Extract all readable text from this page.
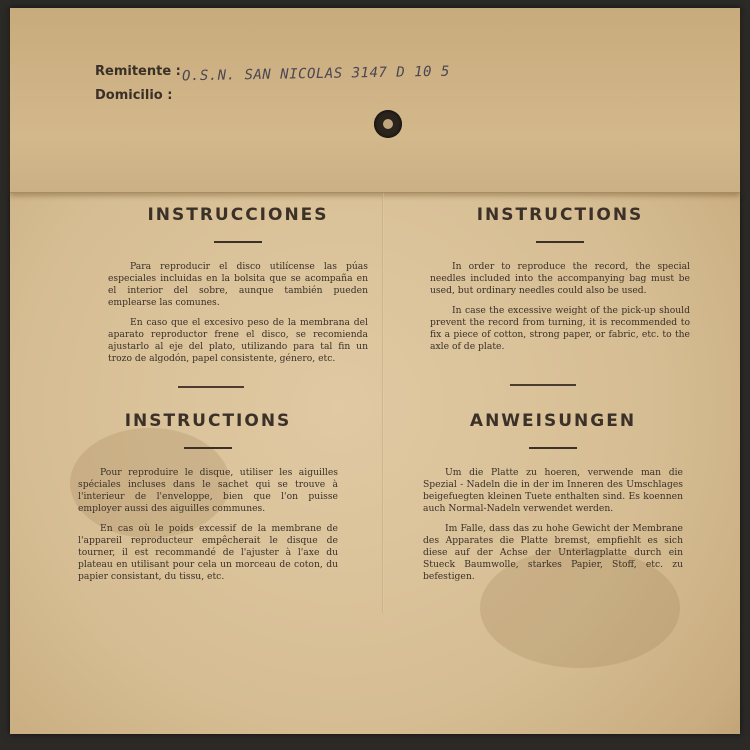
Remitente :
Domicilio :
O.S.N. SAN NICOLAS 3147 D 10 5
INSTRUCCIONES

Para reproducir el disco utilícense las púas especiales incluidas en la bolsita que se acompaña en el interior del sobre, aunque también pueden emplearse las comunes.

En caso que el excesivo peso de la membrana del aparato reproductor frene el disco, se recomienda ajustarlo al eje del plato, utilizando para tal fin un trozo de algodón, papel consistente, género, etc.

INSTRUCTIONS

In order to reproduce the record, the special needles included into the accompanying bag must be used, but ordinary needles could also be used.

In case the excessive weight of the pick-up should prevent the record from turning, it is recommended to fix a piece of cotton, strong paper, or fabric, etc. to the axle of de plate.

INSTRUCTIONS

Pour reproduire le disque, utiliser les aiguilles spéciales incluses dans le sachet qui se trouve à l'interieur de l'enveloppe, bien que l'on puisse employer aussi des aiguilles communes.

En cas où le poids excessif de la membrane de l'appareil reproducteur empêcherait le disque de tourner, il est recommandé de l'ajuster à l'axe du plateau en utilisant pour cela un morceau de coton, du papier consistant, du tissu, etc.

ANWEISUNGEN

Um die Platte zu hoeren, verwende man die Spezial - Nadeln die in der im Inneren des Umschlages beigefuegten kleinen Tuete enthalten sind. Es koennen auch Normal-Nadeln verwendet werden.

Im Falle, dass das zu hohe Gewicht der Membrane des Apparates die Platte bremst, empfiehlt es sich diese auf der Achse der Unterlagplatte durch ein Stueck Baumwolle, starkes Papier, Stoff, etc. zu befestigen.
